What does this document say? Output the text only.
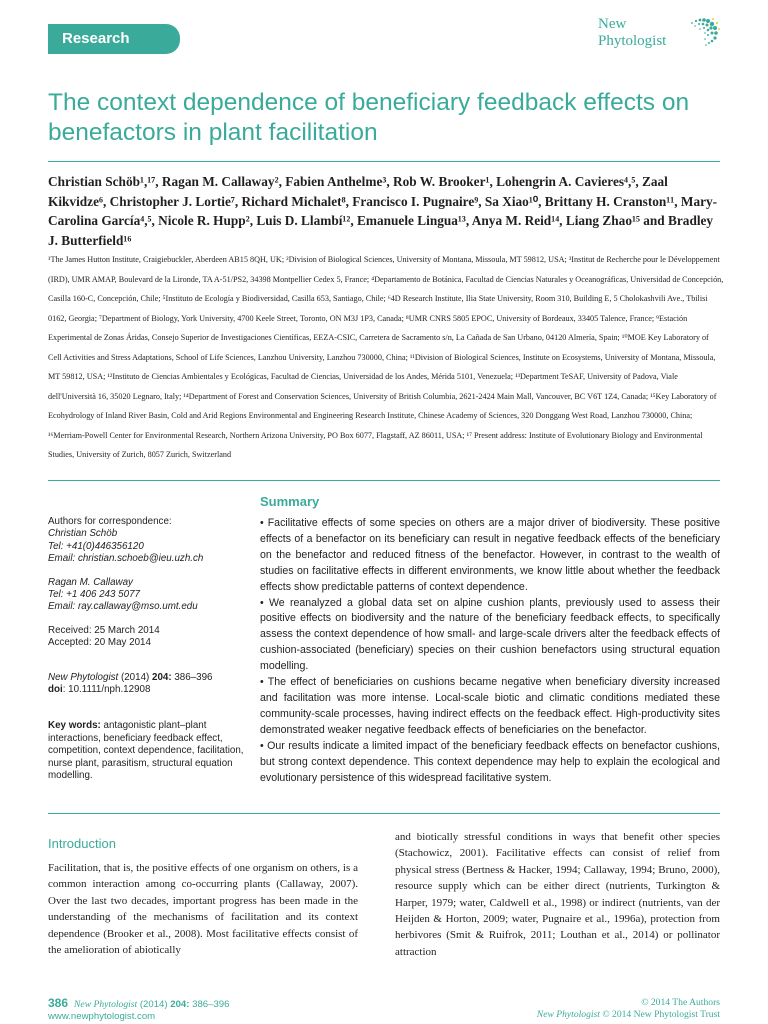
Research
New
Phytologist
The context dependence of beneficiary feedback effects on benefactors in plant facilitation
Christian Schöb¹,¹⁷, Ragan M. Callaway², Fabien Anthelme³, Rob W. Brooker¹, Lohengrin A. Cavieres⁴,⁵, Zaal Kikvidze⁶, Christopher J. Lortie⁷, Richard Michalet⁸, Francisco I. Pugnaire⁹, Sa Xiao¹⁰, Brittany H. Cranston¹¹, Mary-Carolina García⁴,⁵, Nicole R. Hupp², Luis D. Llambí¹², Emanuele Lingua¹³, Anya M. Reid¹⁴, Liang Zhao¹⁵ and Bradley J. Butterfield¹⁶
¹The James Hutton Institute, Craigiebuckler, Aberdeen AB15 8QH, UK; ²Division of Biological Sciences, University of Montana, Missoula, MT 59812, USA; ³Institut de Recherche pour le Développement (IRD), UMR AMAP, Boulevard de la Lironde, TA A-51/PS2, 34398 Montpellier Cedex 5, France; ⁴Departamento de Botánica, Facultad de Ciencias Naturales y Oceanográficas, Universidad de Concepción, Casilla 160-C, Concepción, Chile; ⁵Instituto de Ecología y Biodiversidad, Casilla 653, Santiago, Chile; ⁶4D Research Institute, Ilia State University, Room 310, Building E, 5 Cholokashvili Ave., Tbilisi 0162, Georgia; ⁷Department of Biology, York University, 4700 Keele Street, Toronto, ON M3J 1P3, Canada; ⁸UMR CNRS 5805 EPOC, University of Bordeaux, 33405 Talence, France; ⁹Estación Experimental de Zonas Áridas, Consejo Superior de Investigaciones Científicas, EEZA-CSIC, Carretera de Sacramento s/n, La Cañada de San Urbano, 04120 Almería, Spain; ¹⁰MOE Key Laboratory of Cell Activities and Stress Adaptations, School of Life Sciences, Lanzhou University, Lanzhou 730000, China; ¹¹Division of Biological Sciences, Institute on Ecosystems, University of Montana, Missoula, MT 59812, USA; ¹²Instituto de Ciencias Ambientales y Ecológicas, Facultad de Ciencias, Universidad de los Andes, Mérida 5101, Venezuela; ¹³Department TeSAF, University of Padova, Viale dell'Università 16, 35020 Legnaro, Italy; ¹⁴Department of Forest and Conservation Sciences, University of British Columbia, 2621-2424 Main Mall, Vancouver, BC V6T 1Z4, Canada; ¹⁵Key Laboratory of Ecohydrology of Inland River Basin, Cold and Arid Regions Environmental and Engineering Research Institute, Chinese Academy of Sciences, 320 Donggang West Road, Lanzhou 730000, China; ¹⁶Merriam-Powell Center for Environmental Research, Northern Arizona University, PO Box 6077, Flagstaff, AZ 86011, USA; ¹⁷ Present address: Institute of Evolutionary Biology and Environmental Studies, University of Zurich, 8057 Zurich, Switzerland
Authors for correspondence:
Christian Schöb
Tel: +41(0)446356120
Email: christian.schoeb@ieu.uzh.ch
Ragan M. Callaway
Tel: +1 406 243 5077
Email: ray.callaway@mso.umt.edu
Received: 25 March 2014
Accepted: 20 May 2014
New Phytologist (2014) 204: 386–396
doi: 10.1111/nph.12908
Key words: antagonistic plant–plant interactions, beneficiary feedback effect, competition, context dependence, facilitation, nurse plant, parasitism, structural equation modelling.
Summary

• Facilitative effects of some species on others are a major driver of biodiversity. These positive effects of a benefactor on its beneficiary can result in negative feedback effects of the beneficiary on the benefactor and reduced fitness of the benefactor. However, in contrast to the wealth of studies on facilitative effects in different environments, we know little about whether the feedback effects show predictable patterns of context dependence.

• We reanalyzed a global data set on alpine cushion plants, previously used to assess their positive effects on biodiversity and the nature of the beneficiary feedback effects, to specifically assess the context dependence of how small- and large-scale drivers alter the feedback effects of cushion-associated (beneficiary) species on their cushion benefactors using structural equation modelling.

• The effect of beneficiaries on cushions became negative when beneficiary diversity increased and facilitation was more intense. Local-scale biotic and climatic conditions mediated these community-scale processes, having indirect effects on the feedback effect. High-productivity sites demonstrated weaker negative feedback effects of beneficiaries on the benefactor.

• Our results indicate a limited impact of the beneficiary feedback effects on benefactor cushions, but strong context dependence. This context dependence may help to explain the ecological and evolutionary persistence of this widespread facilitative system.

Introduction
Facilitation, that is, the positive effects of one organism on others, is a common interaction among co-occurring plants (Callaway, 2007). Over the last two decades, important progress has been made in the understanding of the mechanisms of facilitation and its context dependence (Brooker et al., 2008). Most facilitative effects consist of the amelioration of abiotically
and biotically stressful conditions in ways that benefit other species (Stachowicz, 2001). Facilitative effects can consist of relief from physical stress (Bertness & Hacker, 1994; Callaway, 1994; Bruno, 2000), resource supply which can be either direct (nutrients, Turkington & Harper, 1979; water, Caldwell et al., 1998) or indirect (nutrients, van der Heijden & Horton, 2009; water, Pugnaire et al., 1996a), protection from herbivores (Smit & Ruifrok, 2011; Louthan et al., 2014) or pollinator attraction
386 New Phytologist (2014) 204: 386–396
www.newphytologist.com
© 2014 The Authors
New Phytologist © 2014 New Phytologist Trust
